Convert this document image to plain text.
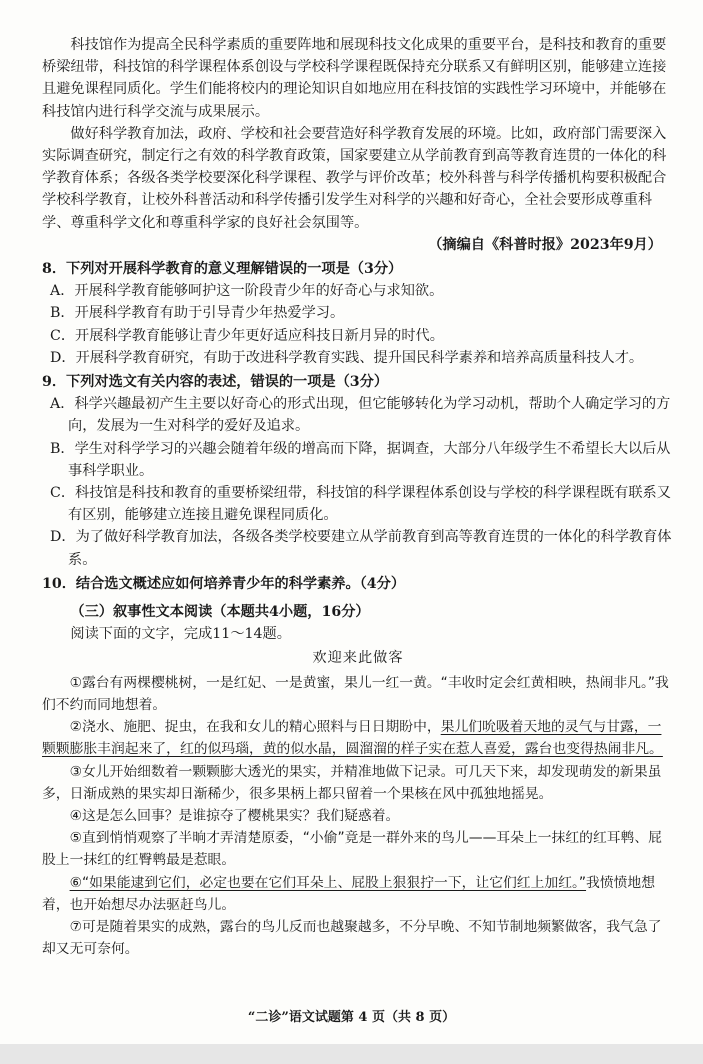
科技馆作为提高全民科学素质的重要阵地和展现科技文化成果的重要平台，是科技和教育的重要桥梁纽带，科技馆的科学课程体系创设与学校科学课程既保持充分联系又有鲜明区别，能够建立连接且避免课程同质化。学生们能将校内的理论知识自如地应用在科技馆的实践性学习环境中，并能够在科技馆内进行科学交流与成果展示。

做好科学教育加法，政府、学校和社会要营造好科学教育发展的环境。比如，政府部门需要深入实际调查研究，制定行之有效的科学教育政策，国家要建立从学前教育到高等教育连贯的一体化的科学教育体系；各级各类学校要深化科学课程、教学与评价改革；校外科普与科学传播机构要积极配合学校科学教育，让校外科普活动和科学传播引发学生对科学的兴趣和好奇心，全社会要形成尊重科学、尊重科学文化和尊重科学家的良好社会氛围等。

（摘编自《科普时报》2023年9月）

8．下列对开展科学教育的意义理解错误的一项是（3分）

A．开展科学教育能够呵护这一阶段青少年的好奇心与求知欲。

B．开展科学教育有助于引导青少年热爱学习。

C．开展科学教育能够让青少年更好适应科技日新月异的时代。

D．开展科学教育研究，有助于改进科学教育实践、提升国民科学素养和培养高质量科技人才。

9．下列对选文有关内容的表述，错误的一项是（3分）

A．科学兴趣最初产生主要以好奇心的形式出现，但它能够转化为学习动机，帮助个人确定学习的方向，发展为一生对科学的爱好及追求。

B．学生对科学学习的兴趣会随着年级的增高而下降，据调查，大部分八年级学生不希望长大以后从事科学职业。

C．科技馆是科技和教育的重要桥梁纽带，科技馆的科学课程体系创设与学校的科学课程既有联系又有区别，能够建立连接且避免课程同质化。

D．为了做好科学教育加法，各级各类学校要建立从学前教育到高等教育连贯的一体化的科学教育体系。

10．结合选文概述应如何培养青少年的科学素养。（4分）

（三）叙事性文本阅读（本题共4小题，16分）

阅读下面的文字，完成11～14题。

欢迎来此做客

①露台有两棵樱桃树，一是红妃、一是黄蜜，果儿一红一黄。“丰收时定会红黄相映，热闹非凡。”我们不约而同地想着。

②浇水、施肥、捉虫，在我和女儿的精心照料与日日期盼中，果儿们吮吸着天地的灵气与甘露，一颗颗膨胀丰润起来了，红的似玛瑙，黄的似水晶，圆溜溜的样子实在惹人喜爱，露台也变得热闹非凡。

③女儿开始细数着一颗颗膨大透光的果实，并精准地做下记录。可几天下来，却发现萌发的新果虽多，日渐成熟的果实却日渐稀少，很多果柄上都只留着一个果核在风中孤独地摇晃。

④这是怎么回事？是谁掠夺了樱桃果实？我们疑惑着。

⑤直到悄悄观察了半晌才弄清楚原委，“小偷”竟是一群外来的鸟儿——耳朵上一抹红的红耳鹎、屁股上一抹红的红臀鹎最是惹眼。

⑥“如果能逮到它们，必定也要在它们耳朵上、屁股上狠狠拧一下，让它们红上加红。”我愤愤地想着，也开始想尽办法驱赶鸟儿。

⑦可是随着果实的成熟，露台的鸟儿反而也越聚越多，不分早晚、不知节制地频繁做客，我气急了却又无可奈何。

“二诊”语文试题第 4 页（共 8 页）
